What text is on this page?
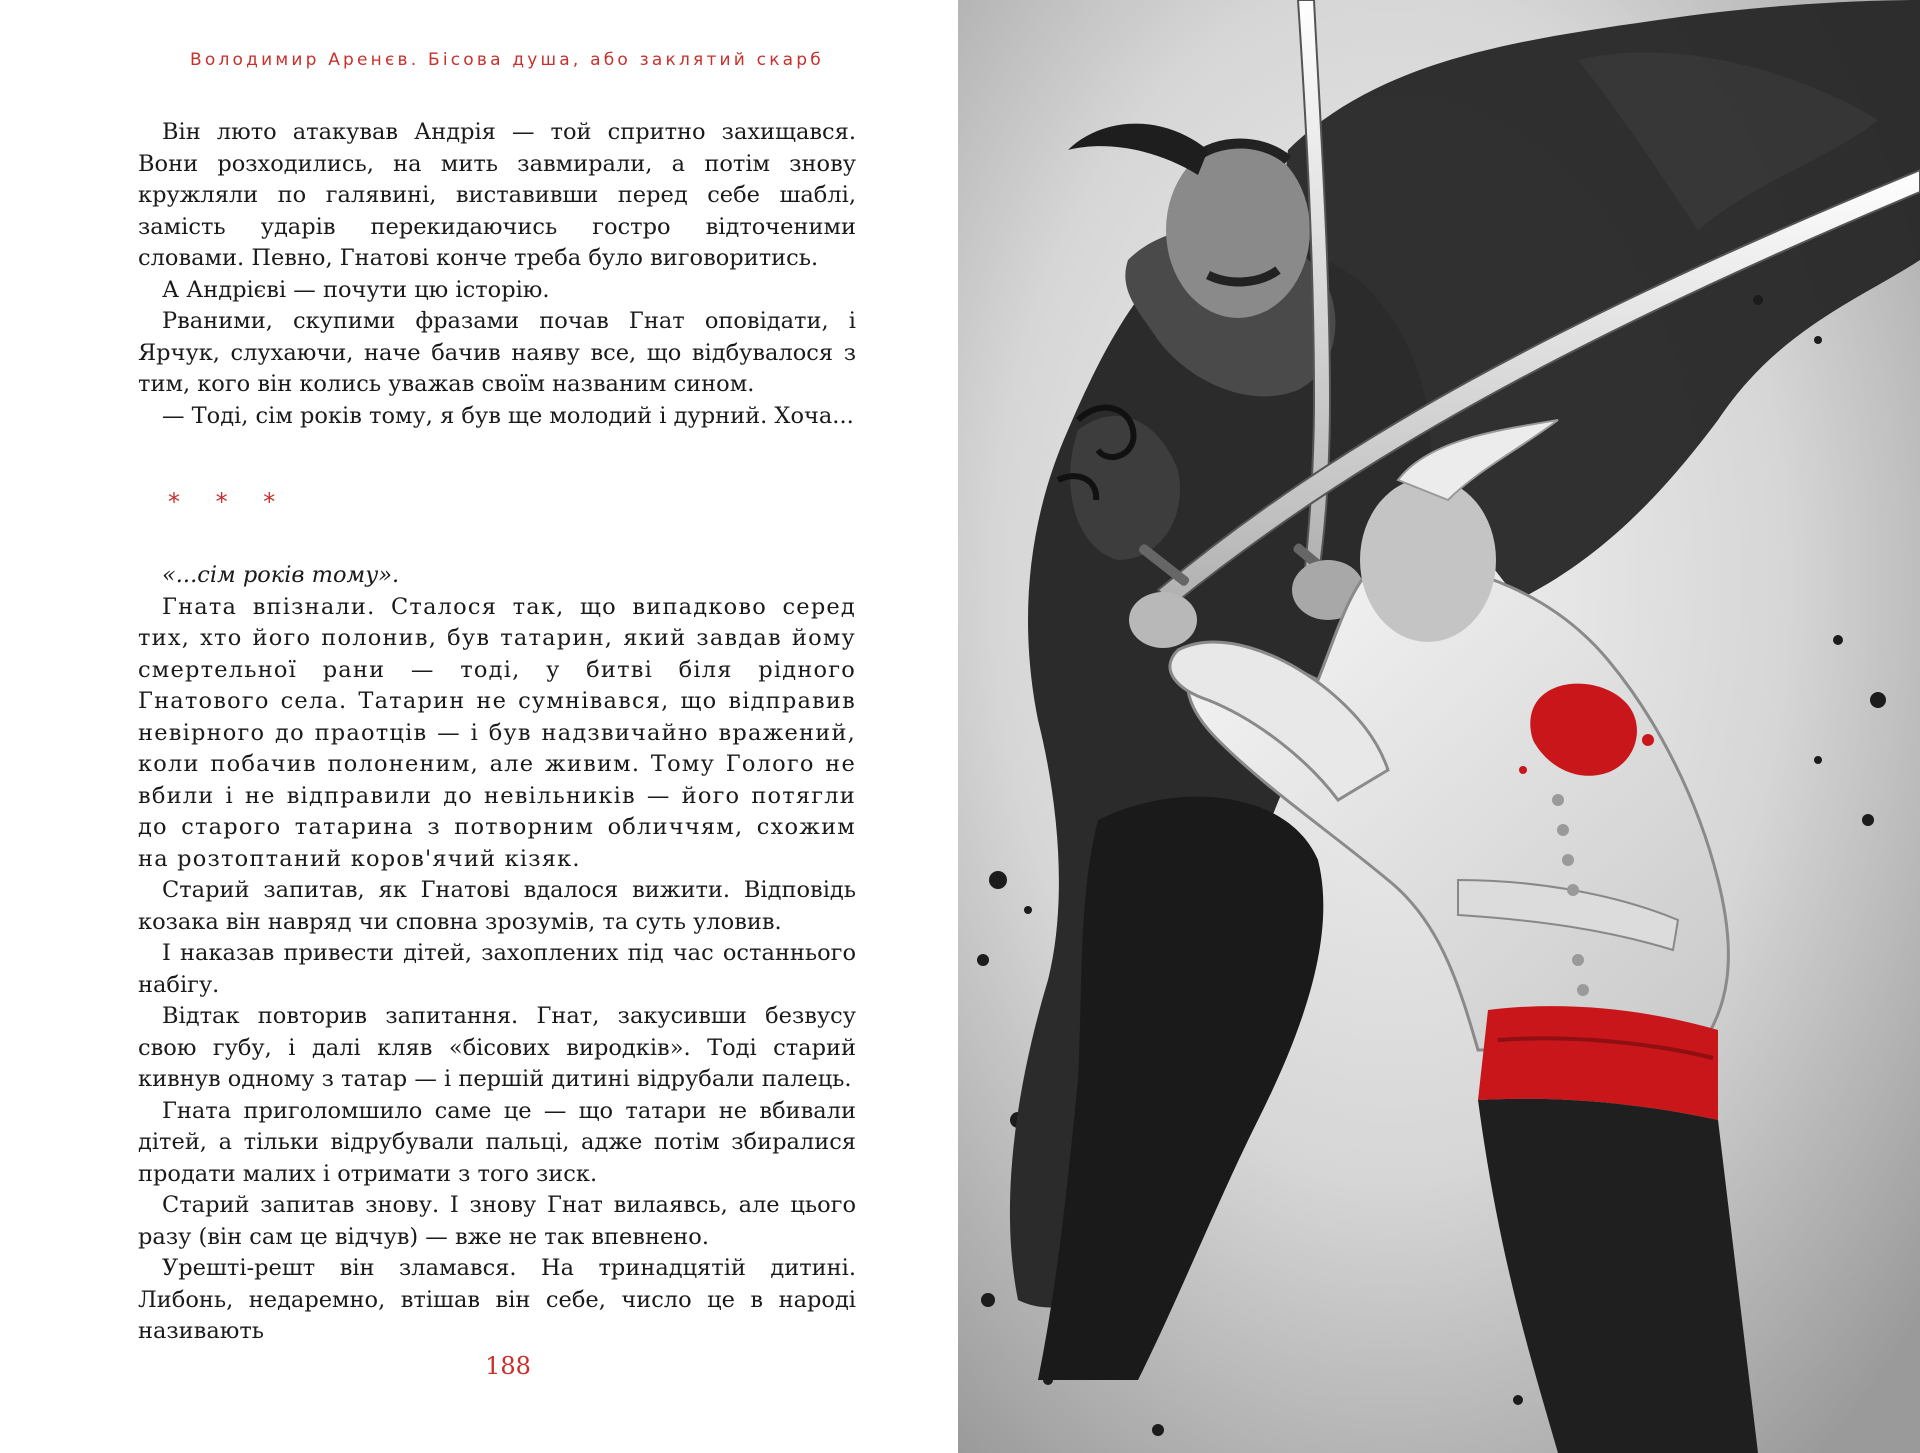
Володимир Аренєв. Бісова душа, або заклятий скарб

Він люто атакував Андрія — той спритно захищався. Вони розходились, на мить завмирали, а потім знову кружляли по галявині, виставивши перед себе шаблі, замість ударів перекидаючись гостро відточеними словами. Певно, Гнатові конче треба було виговоритись.

А Андрієві — почути цю історію.

Рваними, скупими фразами почав Гнат оповідати, і Ярчук, слухаючи, наче бачив наяву все, що відбувалося з тим, кого він колись уважав своїм названим сином.

— Тоді, сім років тому, я був ще молодий і дурний. Хоча...

* * *

«...сім років тому».

Гната впізнали. Сталося так, що випадково серед тих, хто його полонив, був татарин, який завдав йому смертельної рани — тоді, у битві біля рідного Гнатового села. Татарин не сумнівався, що відправив невірного до праотців — і був надзвичайно вражений, коли побачив полоненим, але живим. Тому Голого не вбили і не відправили до невільників — його потягли до старого татарина з потворним обличчям, схожим на розтоптаний коров'ячий кізяк.

Старий запитав, як Гнатові вдалося вижити. Відповідь козака він навряд чи сповна зрозумів, та суть уловив.

І наказав привести дітей, захоплених під час останнього набігу.

Відтак повторив запитання. Гнат, закусивши безвусу свою губу, і далі кляв «бісових виродків». Тоді старий кивнув одному з татар — і першій дитині відрубали палець.

Гната приголомшило саме це — що татари не вбивали дітей, а тільки відрубували пальці, адже потім збиралися продати малих і отримати з того зиск.

Старий запитав знову. І знову Гнат вилаявсь, але цього разу (він сам це відчув) — вже не так впевнено.

Урешті-решт він зламався. На тринадцятій дитині. Либонь, недаремно, втішав він себе, число це в народі називають

188
